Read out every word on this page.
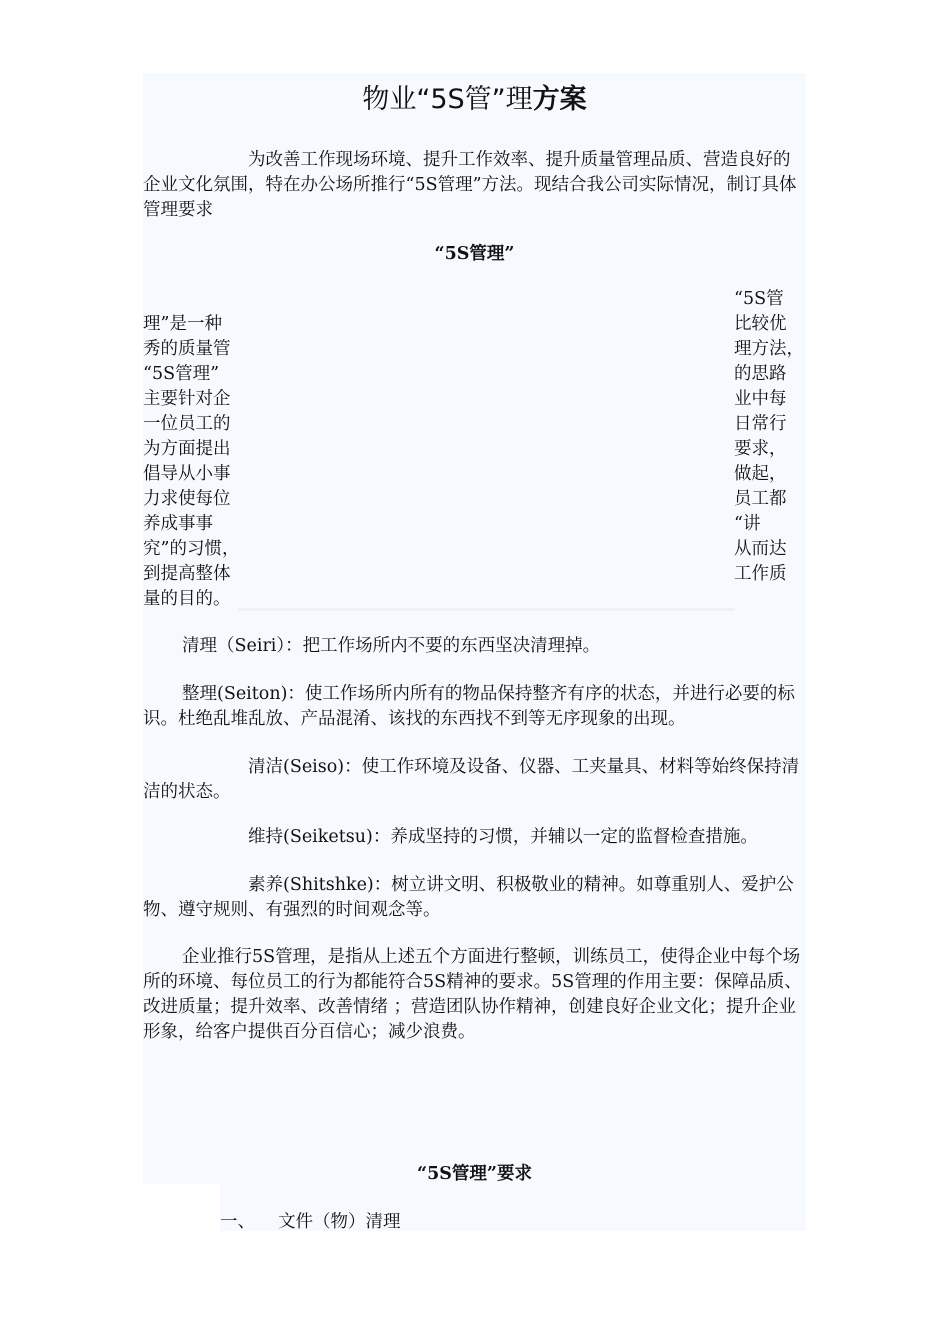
物业“5S管”理方案

为改善工作现场环境、提升工作效率、提升质量管理品质、营造良好的企业文化氛围，特在办公场所推行“5S管理”方法。现结合我公司实际情况，制订具体管理要求

“5S管理”
理”是一种
秀的质量管
“5S管理”
主要针对企
一位员工的
为方面提出
倡导从小事
力求使每位
养成事事
究”的习惯，
到提高整体
量的目的。
“5S管
比较优
理方法，
的思路
业中每
日常行
要求，
做起，
员工都
“讲
从而达
工作质

清理（Seiri）：把工作场所内不要的东西坚决清理掉。

整理(Seiton)：使工作场所内所有的物品保持整齐有序的状态，并进行必要的标识。杜绝乱堆乱放、产品混淆、该找的东西找不到等无序现象的出现。

清洁(Seiso)：使工作环境及设备、仪器、工夹量具、材料等始终保持清洁的状态。

维持(Seiketsu)：养成坚持的习惯，并辅以一定的监督检查措施。

素养(Shitshke)：树立讲文明、积极敬业的精神。如尊重别人、爱护公物、遵守规则、有强烈的时间观念等。

企业推行5S管理，是指从上述五个方面进行整顿，训练员工，使得企业中每个场所的环境、每位员工的行为都能符合5S精神的要求。5S管理的作用主要：保障品质、改进质量；提升效率、改善情绪 ；营造团队协作精神，创建良好企业文化；提升企业形象，给客户提供百分百信心；减少浪费。

“5S管理”要求
一、 文件（物）清理
